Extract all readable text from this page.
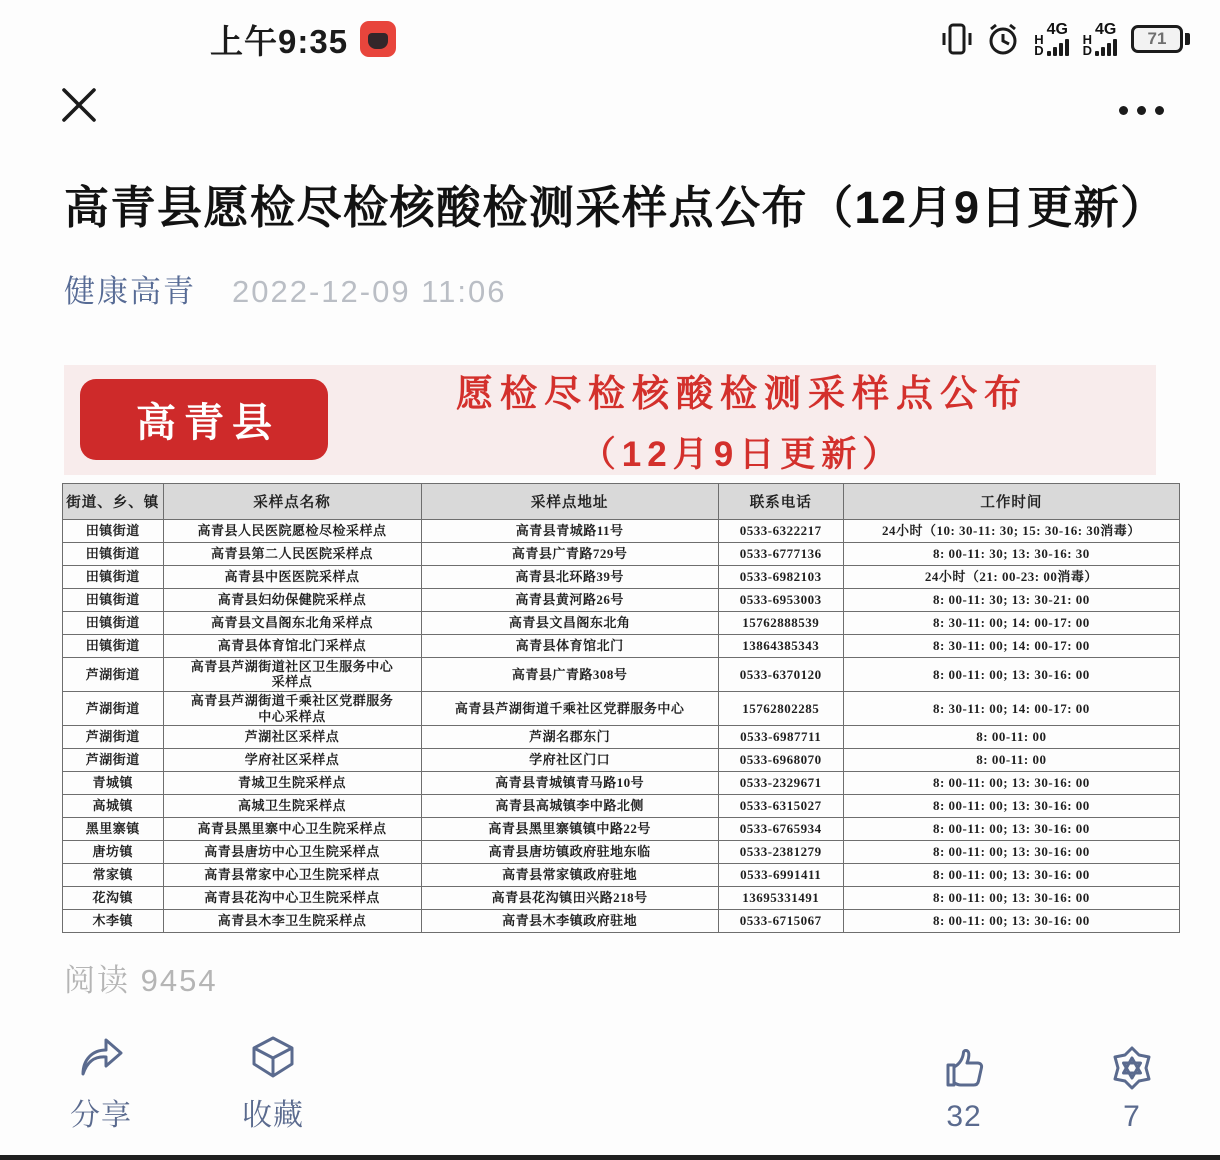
上午9:35	H
D
4G
H
D
4G	71
高青县愿检尽检核酸检测采样点公布（12月9日更新）
健康高青 2022-12-09 11:06
高青县
愿检尽检核酸检测采样点公布
（12月9日更新）
街道、乡、镇	采样点名称	采样点地址	联系电话	工作时间
田镇街道	高青县人民医院愿检尽检采样点	高青县青城路11号	0533-6322217	24小时（10: 30-11: 30; 15: 30-16: 30消毒）
田镇街道	高青县第二人民医院采样点	高青县广青路729号	0533-6777136	8: 00-11: 30; 13: 30-16: 30
田镇街道	高青县中医医院采样点	高青县北环路39号	0533-6982103	24小时（21: 00-23: 00消毒）
田镇街道	高青县妇幼保健院采样点	高青县黄河路26号	0533-6953003	8: 00-11: 30; 13: 30-21: 00
田镇街道	高青县文昌阁东北角采样点	高青县文昌阁东北角	15762888539	8: 30-11: 00; 14: 00-17: 00
田镇街道	高青县体育馆北门采样点	高青县体育馆北门	13864385343	8: 30-11: 00; 14: 00-17: 00
芦湖街道	高青县芦湖街道社区卫生服务中心采样点	高青县广青路308号	0533-6370120	8: 00-11: 00; 13: 30-16: 00
芦湖街道	高青县芦湖街道千乘社区党群服务中心采样点	高青县芦湖街道千乘社区党群服务中心	15762802285	8: 30-11: 00; 14: 00-17: 00
芦湖街道	芦湖社区采样点	芦湖名郡东门	0533-6987711	8: 00-11: 00
芦湖街道	学府社区采样点	学府社区门口	0533-6968070	8: 00-11: 00
青城镇	青城卫生院采样点	高青县青城镇青马路10号	0533-2329671	8: 00-11: 00; 13: 30-16: 00
高城镇	高城卫生院采样点	高青县高城镇李中路北侧	0533-6315027	8: 00-11: 00; 13: 30-16: 00
黑里寨镇	高青县黑里寨中心卫生院采样点	高青县黑里寨镇镇中路22号	0533-6765934	8: 00-11: 00; 13: 30-16: 00
唐坊镇	高青县唐坊中心卫生院采样点	高青县唐坊镇政府驻地东临	0533-2381279	8: 00-11: 00; 13: 30-16: 00
常家镇	高青县常家中心卫生院采样点	高青县常家镇政府驻地	0533-6991411	8: 00-11: 00; 13: 30-16: 00
花沟镇	高青县花沟中心卫生院采样点	高青县花沟镇田兴路218号	13695331491	8: 00-11: 00; 13: 30-16: 00
木李镇	高青县木李卫生院采样点	高青县木李镇政府驻地	0533-6715067	8: 00-11: 00; 13: 30-16: 00
阅读 9454
分享	收藏	32	7
